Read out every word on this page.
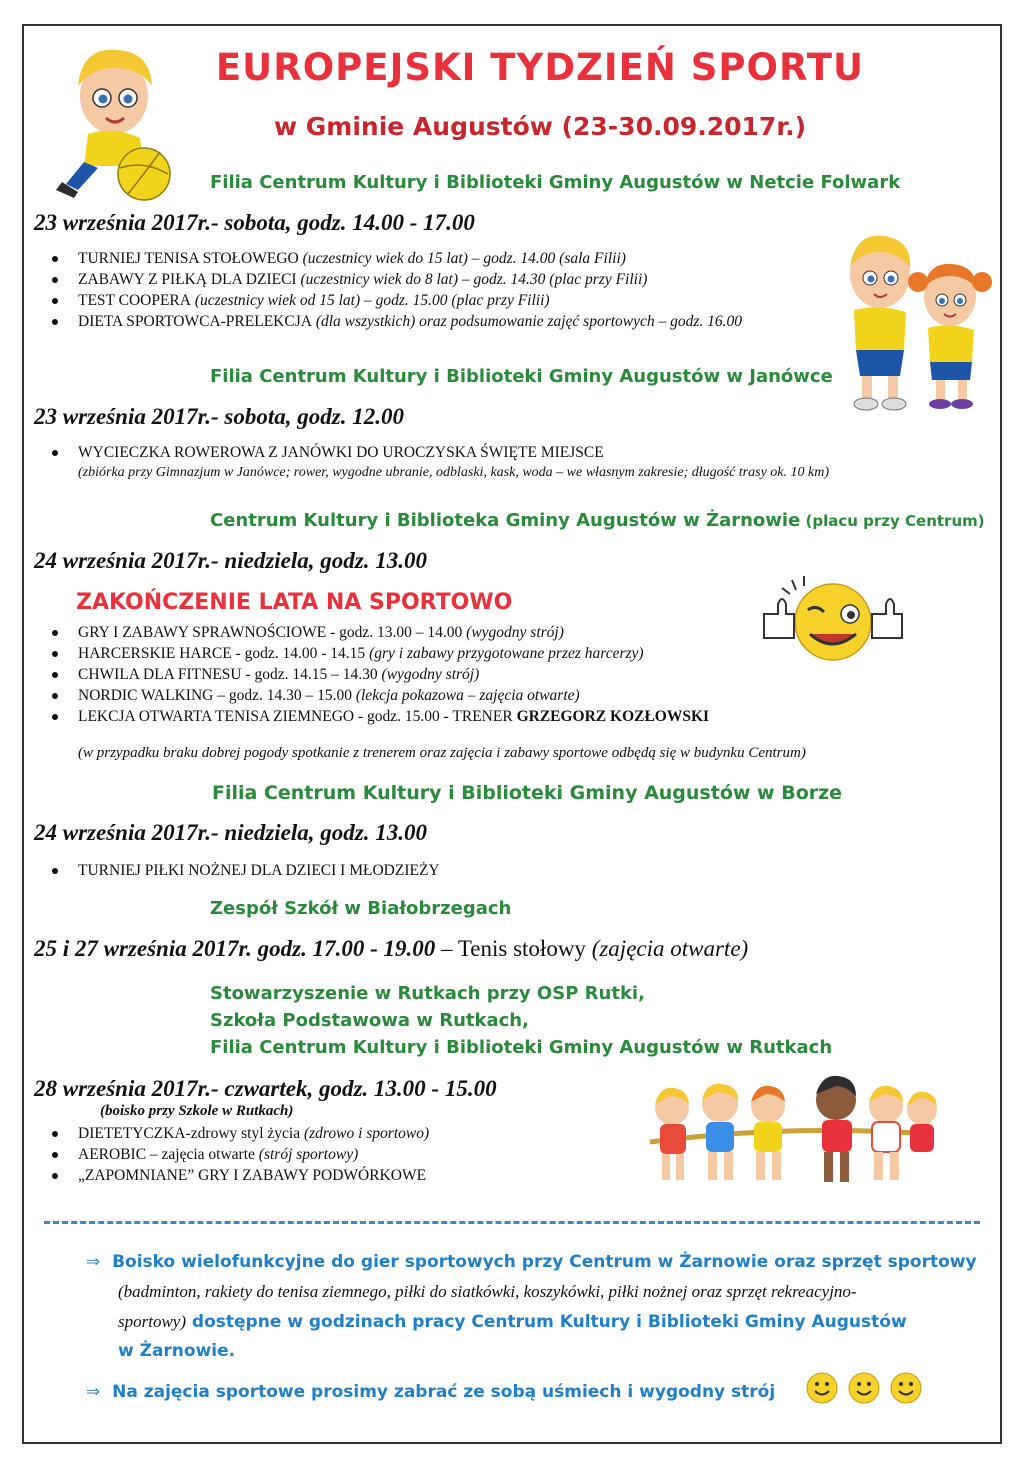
EUROPEJSKI TYDZIEŃ SPORTU
w Gminie Augustów (23-30.09.2017r.)
Filia Centrum Kultury i Biblioteki Gminy Augustów w Netcie Folwark
23 września 2017r.- sobota, godz. 14.00 - 17.00
TURNIEJ TENISA STOŁOWEGO (uczestnicy wiek do 15 lat) – godz. 14.00 (sala Filii)
ZABAWY Z PIŁKĄ DLA DZIECI (uczestnicy wiek do 8 lat) – godz. 14.30 (plac przy Filii)
TEST COOPERA (uczestnicy wiek od 15 lat) – godz. 15.00 (plac przy Filii)
DIETA SPORTOWCA-PRELEKCJA (dla wszystkich) oraz podsumowanie zajęć sportowych – godz. 16.00
Filia Centrum Kultury i Biblioteki Gminy Augustów w Janówce
23 września 2017r.- sobota, godz. 12.00
WYCIECZKA ROWEROWA Z JANÓWKI DO UROCZYSKA ŚWIĘTE MIEJSCE
(zbiórka przy Gimnazjum w Janówce; rower, wygodne ubranie, odblaski, kask, woda – we własnym zakresie; długość trasy ok. 10 km)
Centrum Kultury i Biblioteka Gminy Augustów w Żarnowie (placu przy Centrum)
24 września 2017r.- niedziela, godz. 13.00
ZAKOŃCZENIE LATA NA SPORTOWO
GRY I ZABAWY SPRAWNOŚCIOWE - godz. 13.00 – 14.00 (wygodny strój)
HARCERSKIE HARCE - godz. 14.00 - 14.15 (gry i zabawy przygotowane przez harcerzy)
CHWILA DLA FITNESU - godz. 14.15 – 14.30 (wygodny strój)
NORDIC WALKING – godz. 14.30 – 15.00 (lekcja pokazowa – zajęcia otwarte)
LEKCJA OTWARTA TENISA ZIEMNEGO - godz. 15.00 - TRENER GRZEGORZ KOZŁOWSKI
(w przypadku braku dobrej pogody spotkanie z trenerem oraz zajęcia i zabawy sportowe odbędą się w budynku Centrum)
Filia Centrum Kultury i Biblioteki Gminy Augustów w Borze
24 września 2017r.- niedziela, godz. 13.00
TURNIEJ PIŁKI NOŻNEJ DLA DZIECI I MŁODZIEŻY
Zespół Szkół w Białobrzegach
25 i 27 września 2017r. godz. 17.00 - 19.00 – Tenis stołowy (zajęcia otwarte)
Stowarzyszenie w Rutkach przy OSP Rutki,
Szkoła Podstawowa w Rutkach,
Filia Centrum Kultury i Biblioteki Gminy Augustów w Rutkach
28 września 2017r.- czwartek, godz. 13.00 - 15.00
(boisko przy Szkole w Rutkach)
DIETETYCZKA-zdrowy styl życia (zdrowo i sportowo)
AEROBIC – zajęcia otwarte (strój sportowy)
„ZAPOMNIANE” GRY I ZABAWY PODWÓRKOWE
⇒ Boisko wielofunkcyjne do gier sportowych przy Centrum w Żarnowie oraz sprzęt sportowy
(badminton, rakiety do tenisa ziemnego, piłki do siatkówki, koszykówki, piłki nożnej oraz sprzęt rekreacyjno-
sportowy) dostępne w godzinach pracy Centrum Kultury i Biblioteki Gminy Augustów
w Żarnowie.
⇒ Na zajęcia sportowe prosimy zabrać ze sobą uśmiech i wygodny strój
